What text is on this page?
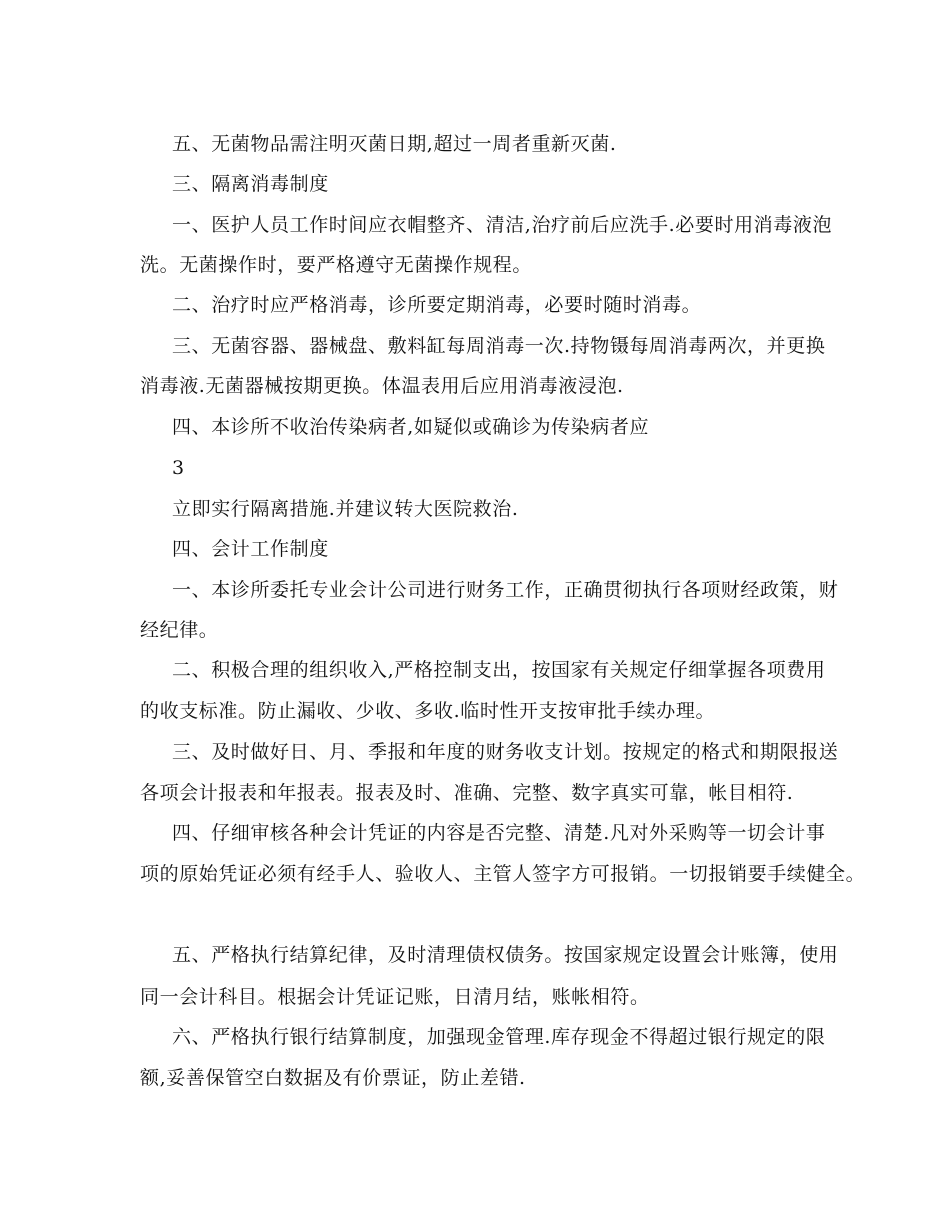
五、无菌物品需注明灭菌日期,超过一周者重新灭菌.
三、隔离消毒制度
一、医护人员工作时间应衣帽整齐、清洁,治疗前后应洗手.必要时用消毒液泡
洗。无菌操作时，要严格遵守无菌操作规程。
二、治疗时应严格消毒，诊所要定期消毒，必要时随时消毒。
三、无菌容器、器械盘、敷料缸每周消毒一次.持物镊每周消毒两次，并更换
消毒液.无菌器械按期更换。体温表用后应用消毒液浸泡.
四、本诊所不收治传染病者,如疑似或确诊为传染病者应
3
立即实行隔离措施.并建议转大医院救治.
四、会计工作制度
一、本诊所委托专业会计公司进行财务工作，正确贯彻执行各项财经政策，财
经纪律。
二、积极合理的组织收入,严格控制支出，按国家有关规定仔细掌握各项费用
的收支标准。防止漏收、少收、多收.临时性开支按审批手续办理。
三、及时做好日、月、季报和年度的财务收支计划。按规定的格式和期限报送
各项会计报表和年报表。报表及时、准确、完整、数字真实可靠，帐目相符.
四、仔细审核各种会计凭证的内容是否完整、清楚.凡对外采购等一切会计事
项的原始凭证必须有经手人、验收人、主管人签字方可报销。一切报销要手续健全。
五、严格执行结算纪律，及时清理债权债务。按国家规定设置会计账簿，使用
同一会计科目。根据会计凭证记账，日清月结，账帐相符。
六、严格执行银行结算制度，加强现金管理.库存现金不得超过银行规定的限
额,妥善保管空白数据及有价票证，防止差错.
